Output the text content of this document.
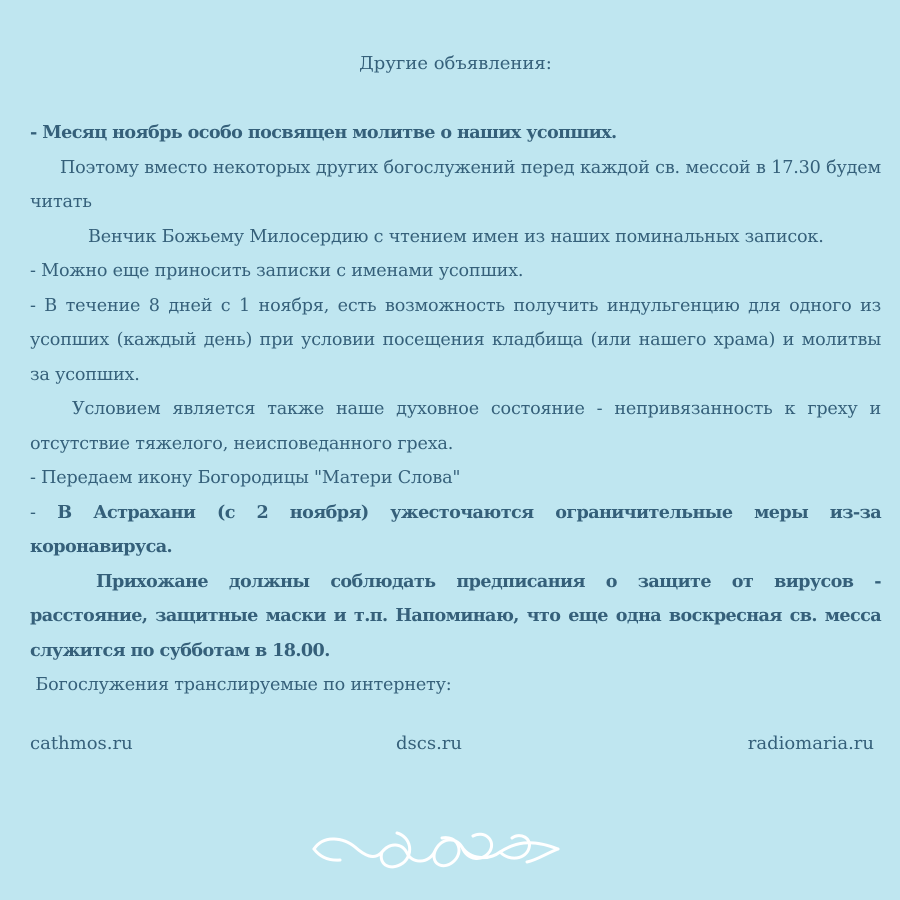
Другие объявления:

- Месяц ноябрь особо посвящен молитве о наших усопших.

Поэтому вместо некоторых других богослужений перед каждой св. мессой в 17.30 будем читать

Венчик Божьему Милосердию с чтением имен из наших поминальных записок.

- Можно еще приносить записки с именами усопших.

- В течение 8 дней с 1 ноября, есть возможность получить индульгенцию для одного из усопших (каждый день) при условии посещения кладбища (или нашего храма) и молитвы за усопших.

Условием является также наше духовное состояние - непривязанность к греху и отсутствие тяжелого, неисповеданного греха.

- Передаем икону Богородицы "Матери Слова"

- В Астрахани (с 2 ноября) ужесточаются ограничительные меры из-за коронавируса.

Прихожане должны соблюдать предписания о защите от вирусов - расстояние, защитные маски и т.п. Напоминаю, что еще одна воскресная св. месса служится по субботам в 18.00.

Богослужения транслируемые по интернету:

cathmos.ru	dscs.ru	radiomaria.ru
